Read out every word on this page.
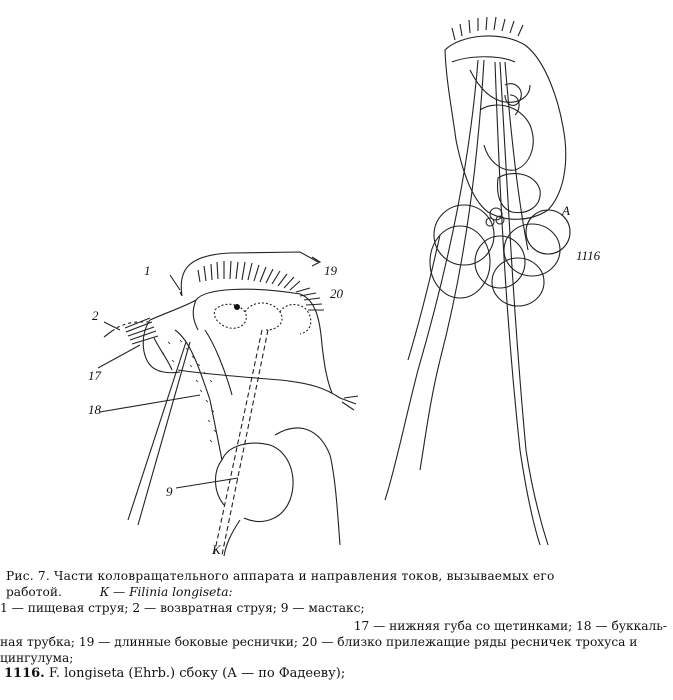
1
2
17
18
19
20
9
К
А
1116
Рис. 7. Части коловращательного аппарата и направления токов, вызываемых его
работой.	К — Filinia longiseta:
1 — пищевая струя; 2 — возвратная струя; 9 — мастакс;
17 — нижняя губа со щетинками; 18 — буккаль-
ная трубка; 19 — длинные боковые реснички; 20 — близко прилежащие ряды ресничек трохуса и
цингулума;
1116. F. longiseta (Ehrb.) сбоку (А — по Фадееву);
